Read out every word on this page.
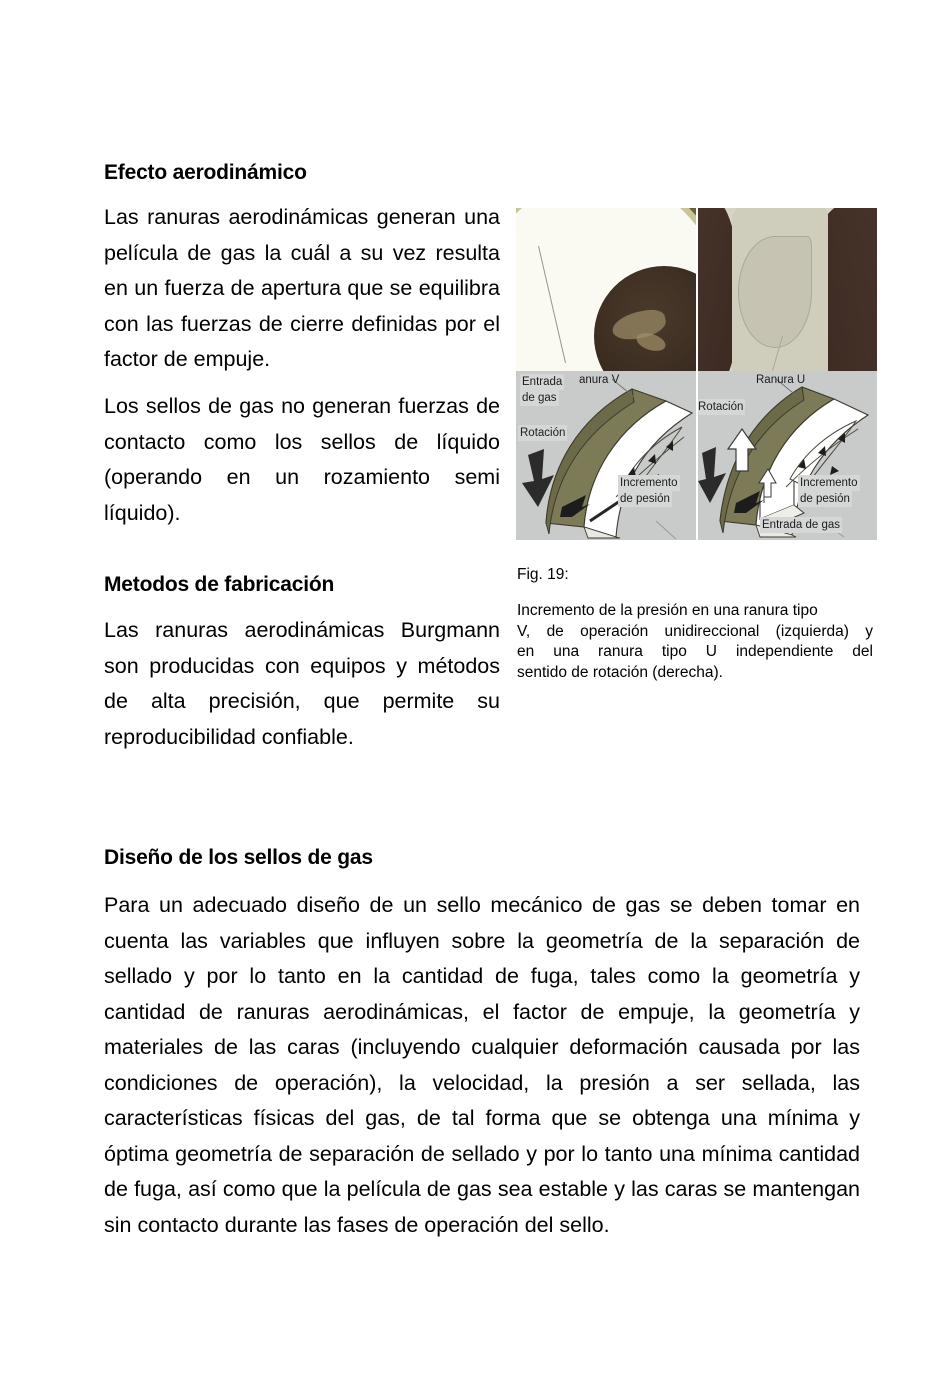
Efecto aerodinámico
Las ranuras aerodinámicas generan una película de gas la cuál a su vez resulta en un fuerza de apertura que se equilibra con las fuerzas de cierre definidas por el factor de empuje.
Los sellos de gas no generan fuerzas de contacto como los sellos de líquido (operando en un rozamiento semi líquido).
Metodos de fabricación
Las ranuras aerodinámicas Burgmann son producidas con equipos y métodos de alta precisión, que permite su reproducibilidad confiable.
Diseño de los sellos de gas
Para un adecuado diseño de un sello mecánico de gas se deben tomar en cuenta las variables que influyen sobre la geometría de la separación de sellado y por lo tanto en la cantidad de fuga, tales como la geometría y cantidad de ranuras aerodinámicas, el factor de empuje, la geometría y materiales de las caras (incluyendo cualquier deformación causada por las condiciones de operación), la velocidad, la presión a ser sellada, las características físicas del gas, de tal forma que se obtenga una mínima y óptima geometría de separación de sellado y por lo tanto una mínima cantidad de fuga, así como que la película de gas sea estable y las caras se mantengan sin contacto durante las fases de operación del sello.
Entrada
de gas
anura V
Rotación
Incremento
de pesión
Ranura U
Rotación
Incremento
de pesión
Entrada de gas
Fig. 19:
Incremento de la presión en una ranura tipo
V, de operación unidireccional (izquierda) y
en una ranura tipo U independiente del
sentido de rotación (derecha).
